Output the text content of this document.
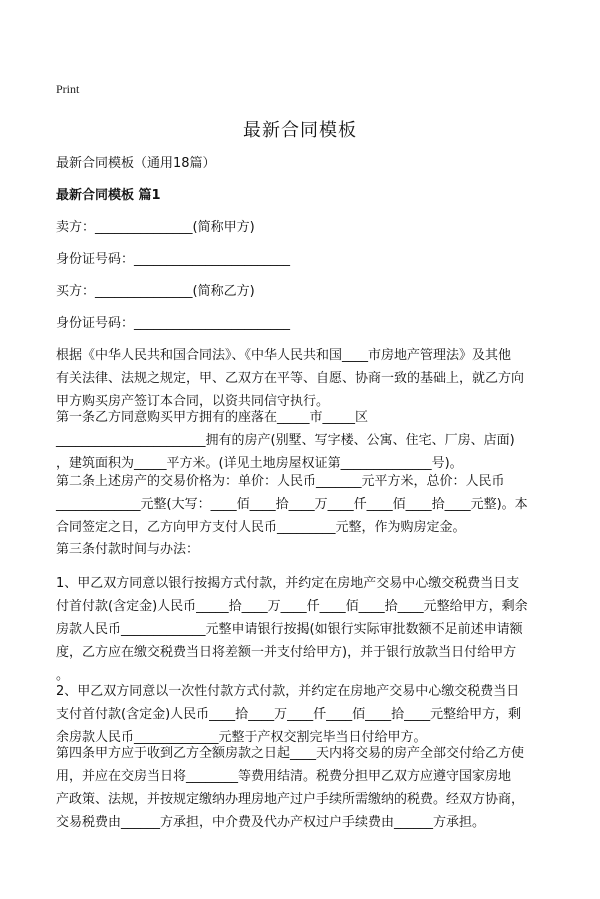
Print
最新合同模板
最新合同模板（通用18篇）
最新合同模板 篇1
卖方：_______________(简称甲方)
身份证号码：________________________
买方：_______________(简称乙方)
身份证号码：________________________
根据《中华人民共和国合同法》、《中华人民共和国____市房地产管理法》及其他
有关法律、法规之规定，甲、乙双方在平等、自愿、协商一致的基础上，就乙方向
甲方购买房产签订本合同，以资共同信守执行。
第一条乙方同意购买甲方拥有的座落在_____市_____区
_______________________拥有的房产(别墅、写字楼、公寓、住宅、厂房、店面)
，建筑面积为_____平方米。(详见土地房屋权证第______________号)。
第二条上述房产的交易价格为：单价：人民币_______元平方米，总价：人民币
_____________元整(大写：____佰____拾____万____仟____佰____拾____元整)。本
合同签定之日，乙方向甲方支付人民币_________元整，作为购房定金。
第三条付款时间与办法：
1、甲乙双方同意以银行按揭方式付款，并约定在房地产交易中心缴交税费当日支
付首付款(含定金)人民币_____拾____万____仟____佰____拾____元整给甲方，剩余
房款人民币_____________元整申请银行按揭(如银行实际审批数额不足前述申请额
度，乙方应在缴交税费当日将差额一并支付给甲方)，并于银行放款当日付给甲方
。
2、甲乙双方同意以一次性付款方式付款，并约定在房地产交易中心缴交税费当日
支付首付款(含定金)人民币____拾____万____仟____佰____拾____元整给甲方，剩
余房款人民币_____________元整于产权交割完毕当日付给甲方。
第四条甲方应于收到乙方全额房款之日起____天内将交易的房产全部交付给乙方使
用，并应在交房当日将________等费用结清。税费分担甲乙双方应遵守国家房地
产政策、法规，并按规定缴纳办理房地产过户手续所需缴纳的税费。经双方协商，
交易税费由______方承担，中介费及代办产权过户手续费由______方承担。
